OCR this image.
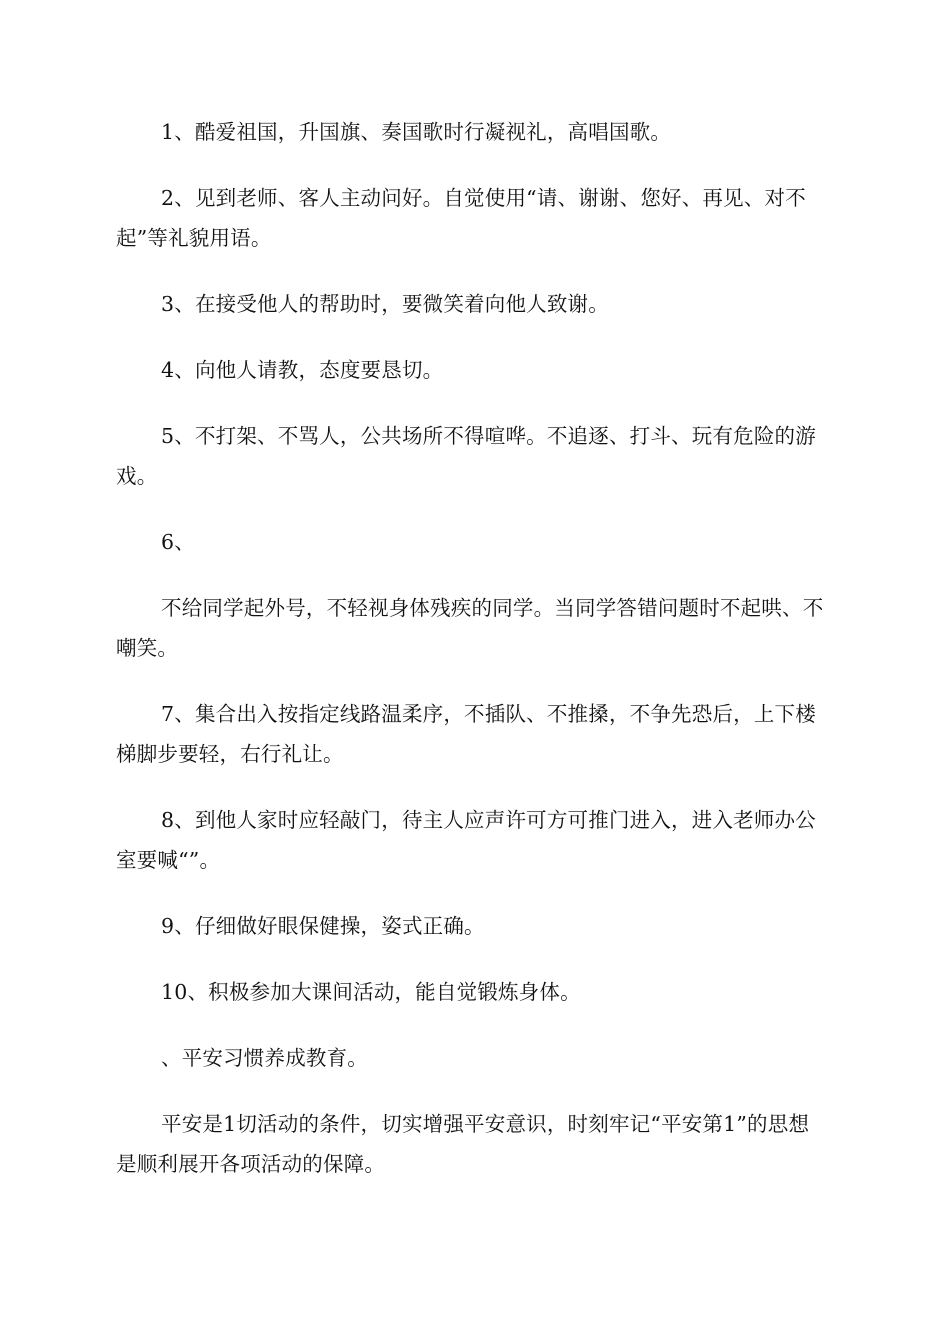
1、酷爱祖国，升国旗、奏国歌时行凝视礼，高唱国歌。

2、见到老师、客人主动问好。自觉使用“请、谢谢、您好、再见、对不起”等礼貌用语。

3、在接受他人的帮助时，要微笑着向他人致谢。

4、向他人请教，态度要恳切。

5、不打架、不骂人，公共场所不得喧哗。不追逐、打斗、玩有危险的游戏。

6、

不给同学起外号，不轻视身体残疾的同学。当同学答错问题时不起哄、不嘲笑。

7、集合出入按指定线路温柔序，不插队、不推搡，不争先恐后，上下楼梯脚步要轻，右行礼让。

8、到他人家时应轻敲门，待主人应声许可方可推门进入，进入老师办公室要喊“”。

9、仔细做好眼保健操，姿式正确。

10、积极参加大课间活动，能自觉锻炼身体。

、平安习惯养成教育。

平安是1切活动的条件，切实增强平安意识，时刻牢记“平安第1”的思想是顺利展开各项活动的保障。
